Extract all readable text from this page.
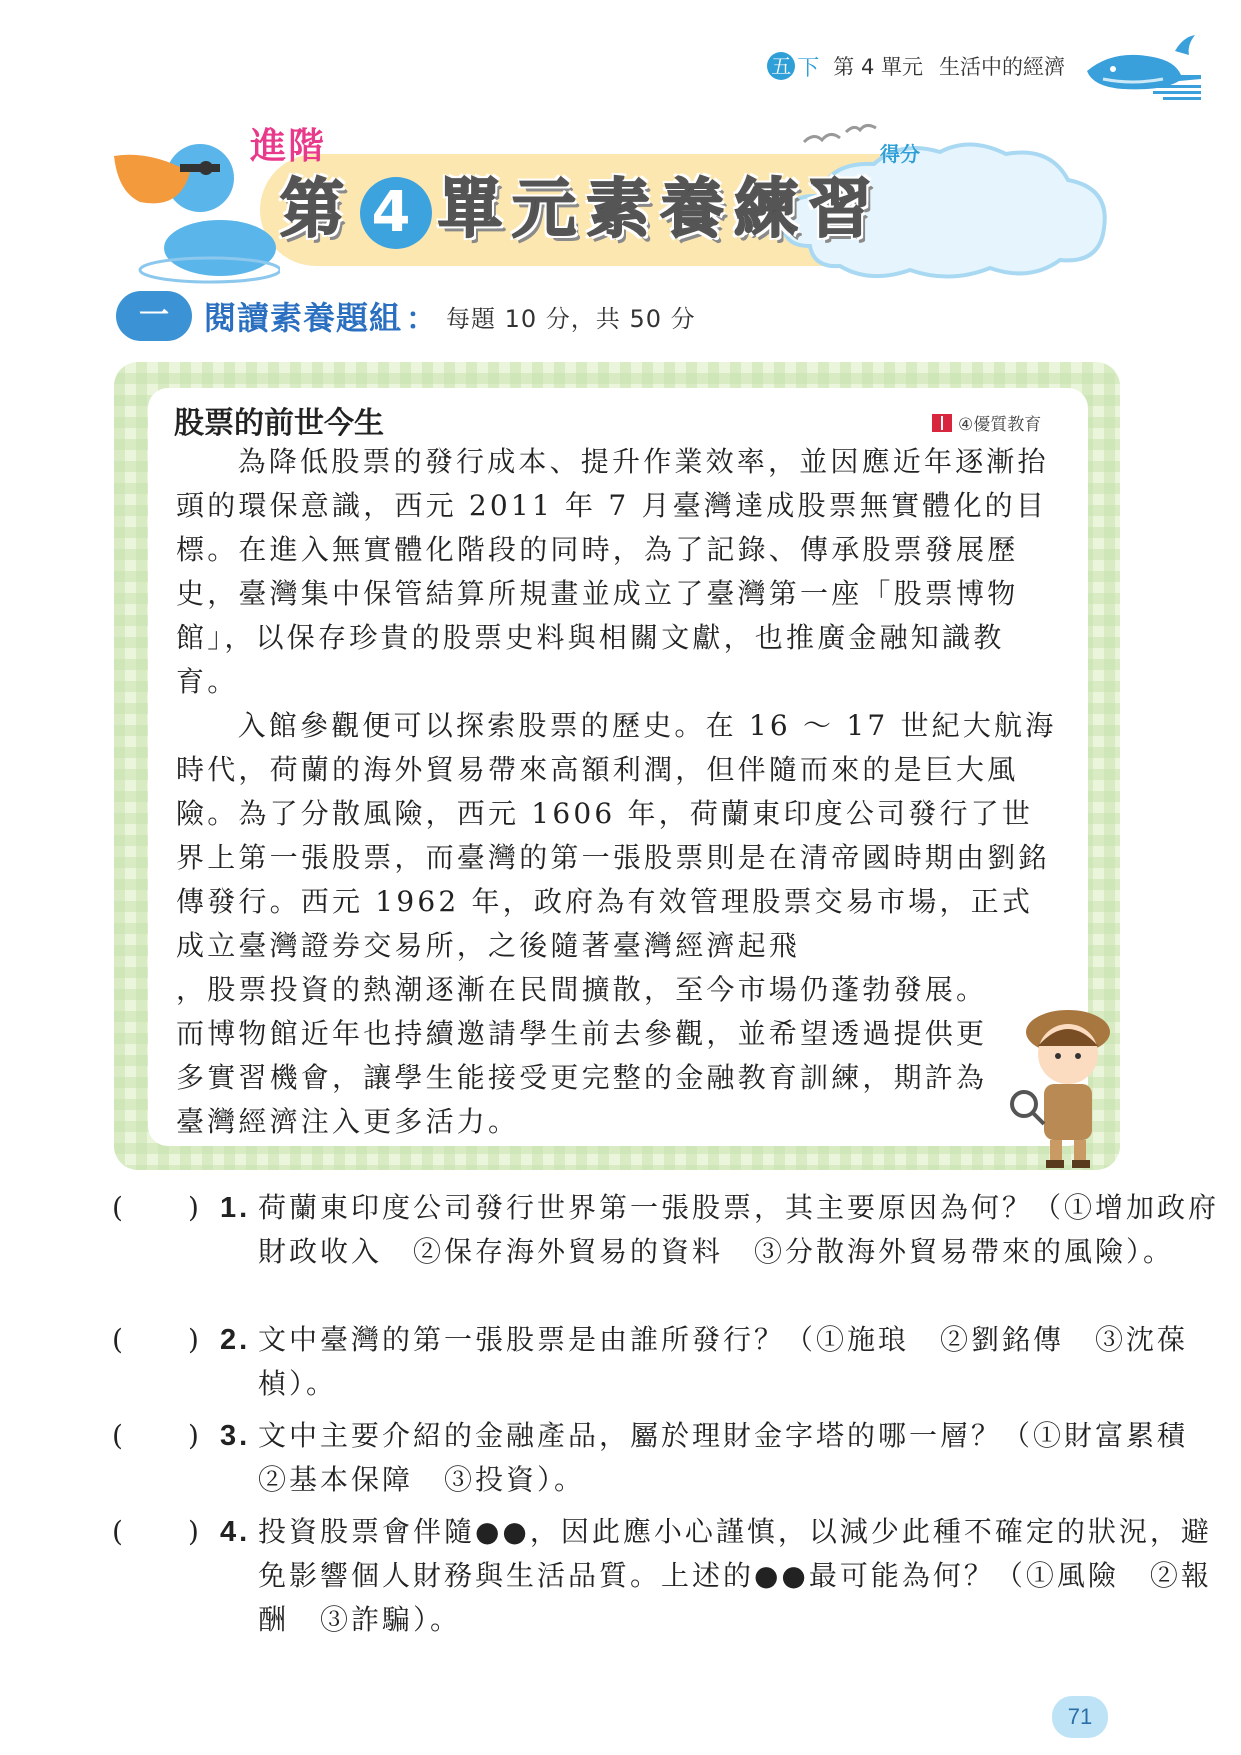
五 下 第 4 單元 生活中的經濟
得分
進階
第 4 單元素養練習
一	閱讀素養題組 ： 每題 10 分，共 50 分
股票的前世今生	④優質教育

為降低股票的發行成本、提升作業效率，並因應近年逐漸抬頭的環保意識，西元 2011 年 7 月臺灣達成股票無實體化的目標。在進入無實體化階段的同時，為了記錄、傳承股票發展歷史，臺灣集中保管結算所規畫並成立了臺灣第一座「股票博物館」，以保存珍貴的股票史料與相關文獻，也推廣金融知識教育。

入館參觀便可以探索股票的歷史。在 16 ～ 17 世紀大航海時代，荷蘭的海外貿易帶來高額利潤，但伴隨而來的是巨大風險。為了分散風險，西元 1606 年，荷蘭東印度公司發行了世界上第一張股票，而臺灣的第一張股票則是在清帝國時期由劉銘傳發行。西元 1962 年，政府為有效管理股票交易市場，正式成立臺灣證券交易所，之後隨著臺灣經濟起飛

，股票投資的熱潮逐漸在民間擴散，至今市場仍蓬勃發展。而博物館近年也持續邀請學生前去參觀，並希望透過提供更多實習機會，讓學生能接受更完整的金融教育訓練，期許為臺灣經濟注入更多活力。

( ) 1. 荷蘭東印度公司發行世界第一張股票，其主要原因為何？（①增加政府財政收入　②保存海外貿易的資料　③分散海外貿易帶來的風險）。
( ) 2. 文中臺灣的第一張股票是由誰所發行？（①施琅　②劉銘傳　③沈葆楨）。
( ) 3. 文中主要介紹的金融產品，屬於理財金字塔的哪一層？（①財富累積　②基本保障　③投資）。
( ) 4. 投資股票會伴隨●●，因此應小心謹慎，以減少此種不確定的狀況，避免影響個人財務與生活品質。上述的●●最可能為何？（①風險　②報酬　③詐騙）。
71
